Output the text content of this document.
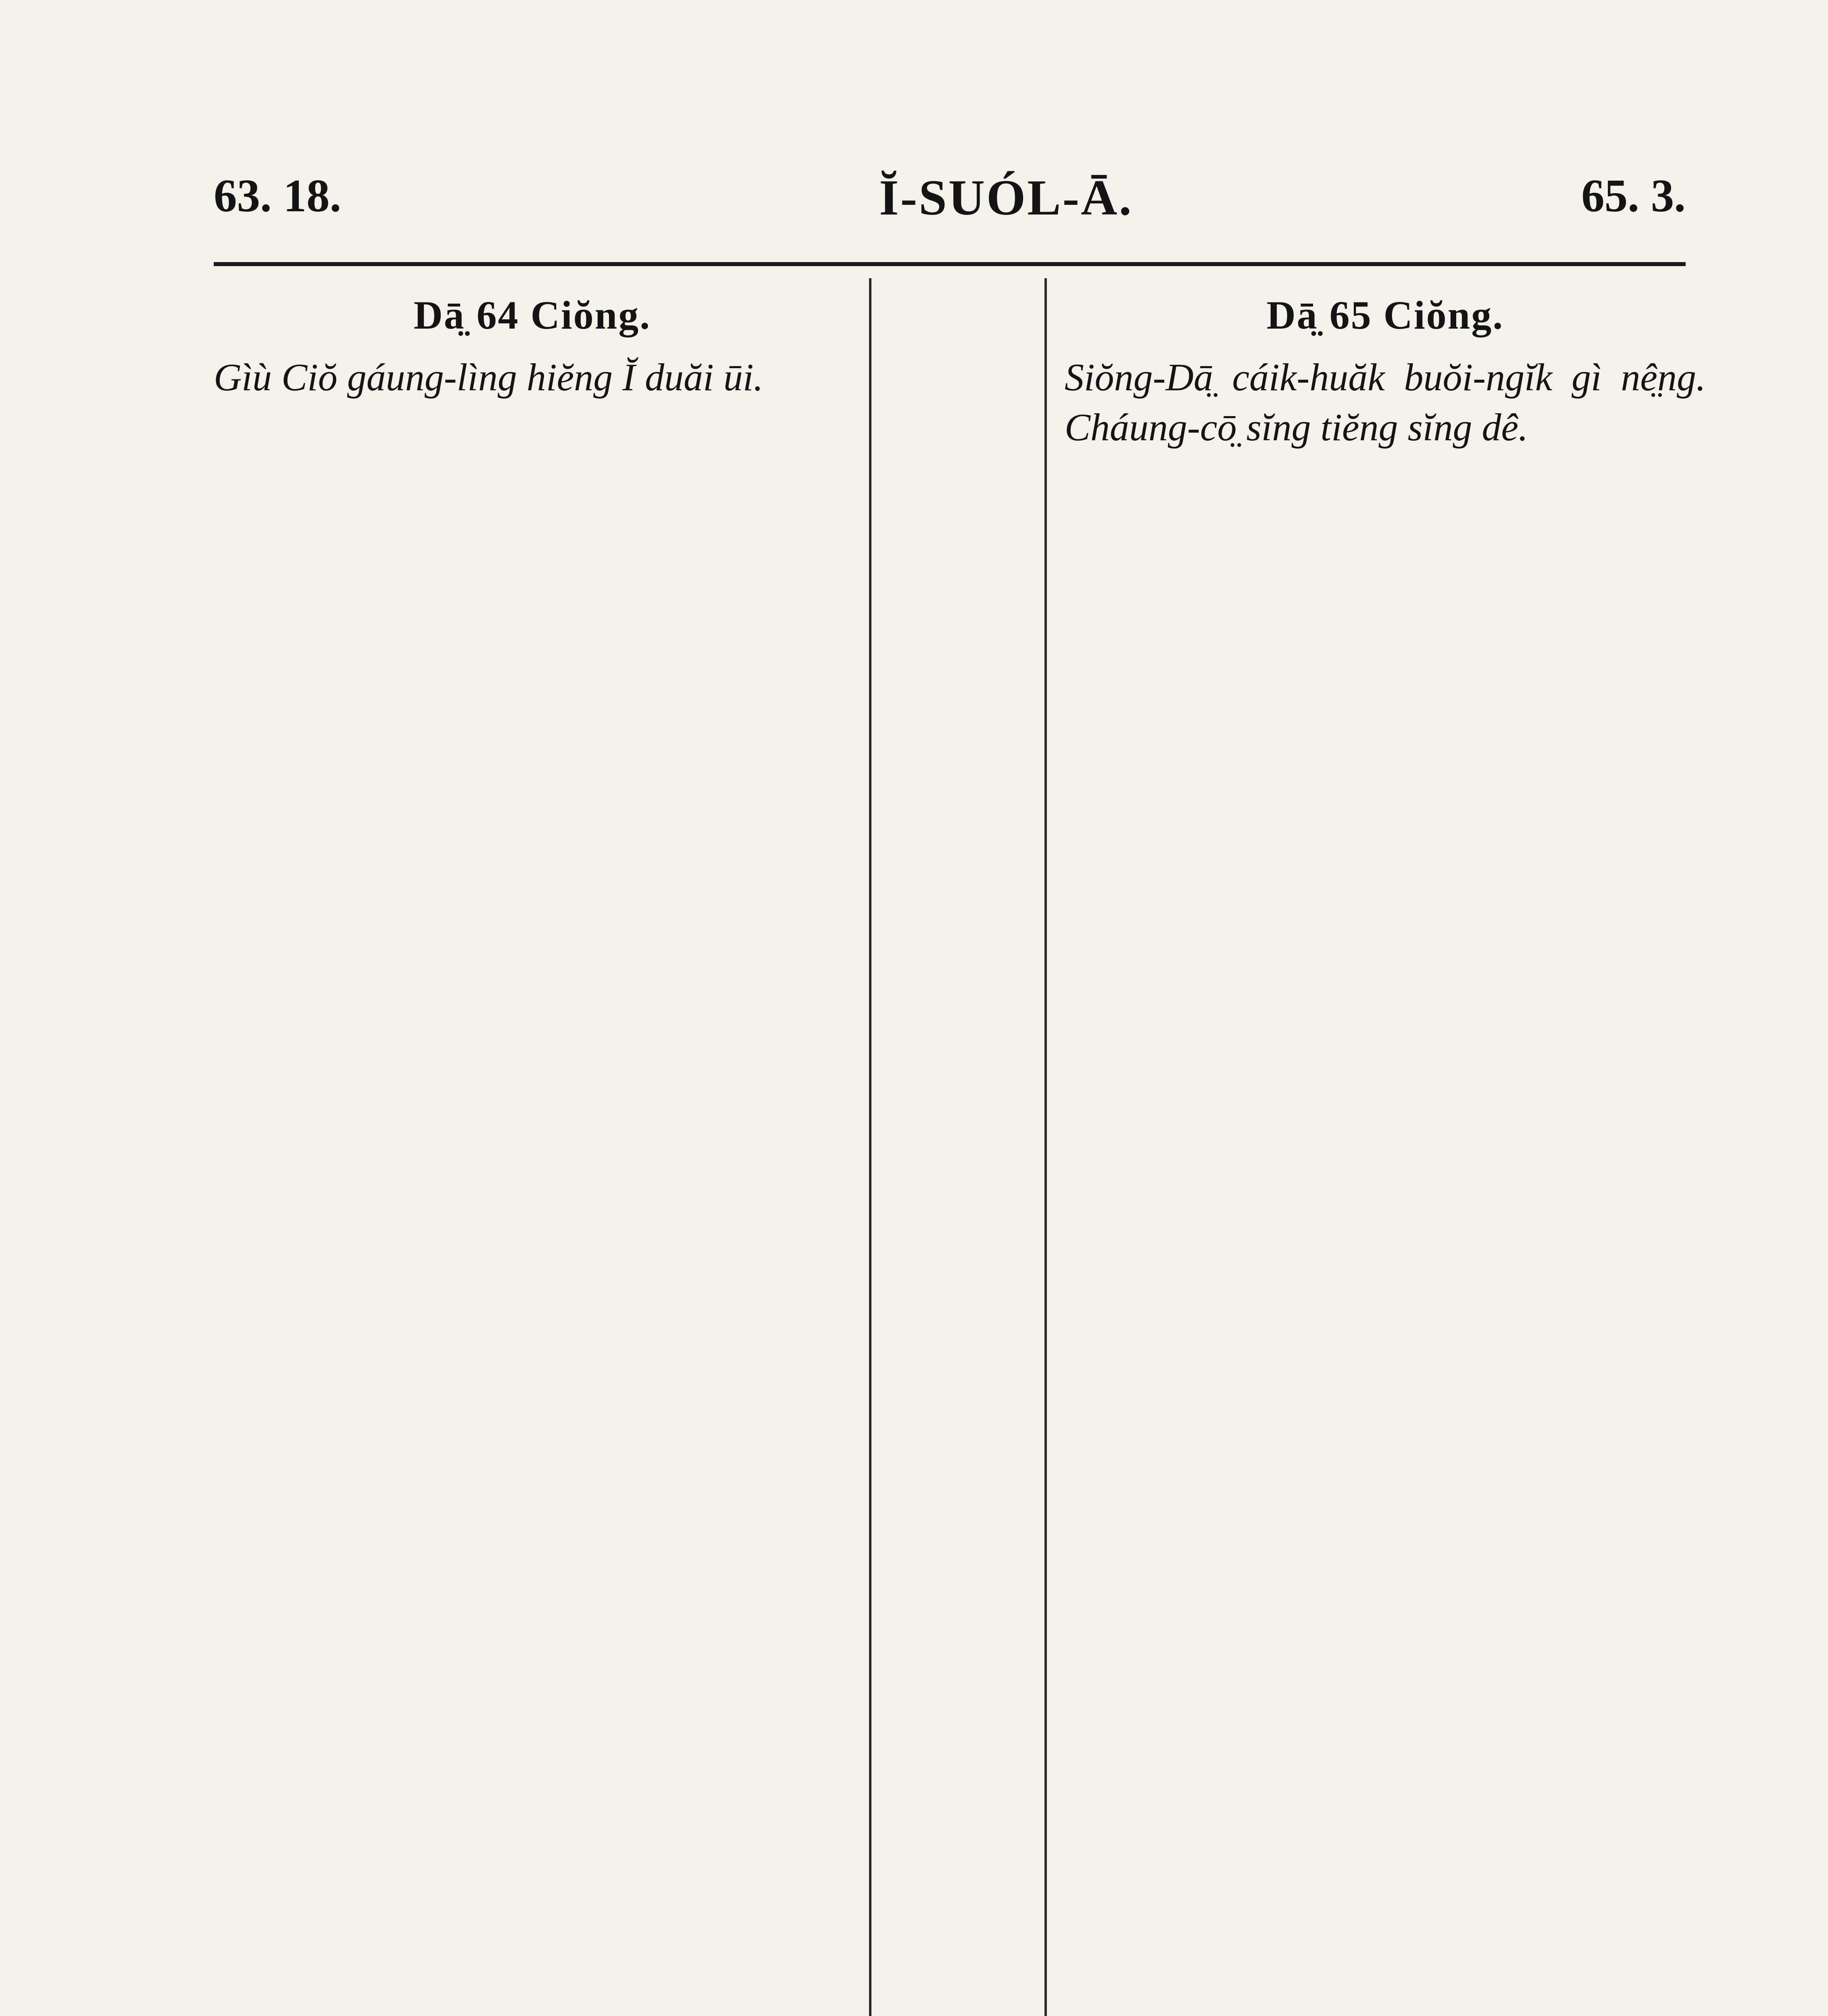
63. 18.	Ĭ-SUÓL-Ā.	65. 3.
Dā̤ 64 Ciŏng.
Gìù Ciŏ gáung-lìng hiĕng Ĭ duăi ūi.
Dā̤ 65 Ciŏng.
Siŏng-Dā̤ cáik-huăk buŏi-ngĭk gì nê̤ng. Cháung-cō̤ sĭng tiĕng sĭng dê.
